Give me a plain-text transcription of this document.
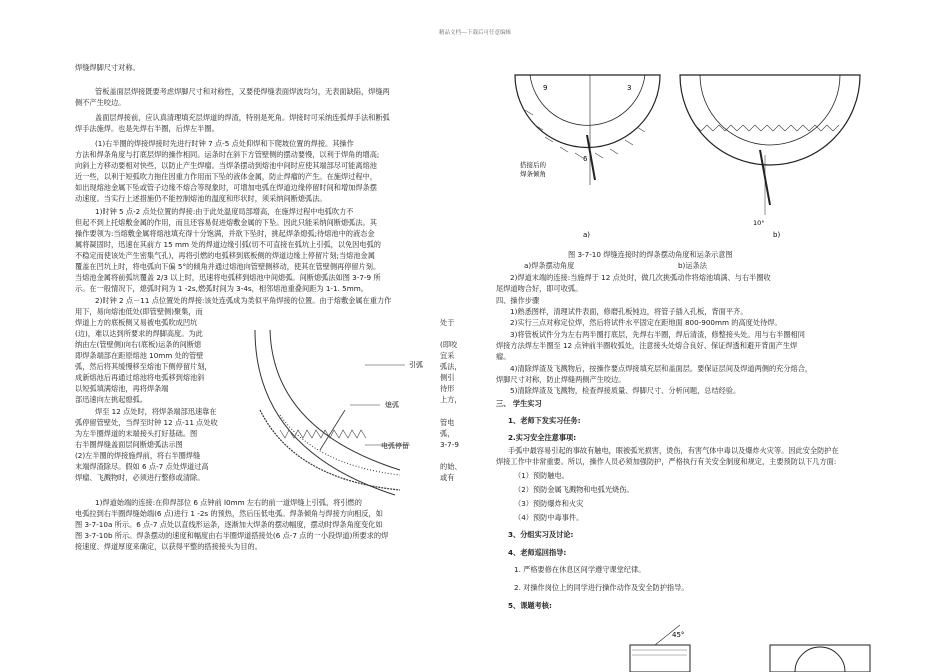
精品文档---下载后可任意编辑
焊缝焊脚尺寸对称。
管板盖面层焊接既要考虑焊脚尺寸和对称性，又要使焊缝表面焊波均匀，无表面缺陷，焊缝两
侧不产生咬边。
盖面层焊接前，应认真清理填充层焊道的焊渣，特别是死角。焊接时可采纳连弧焊手法和断弧
焊手法施焊。也是先焊右半圈，后焊左半圈。
(1)右半圈的焊接焊接时先进行时钟 7 点-5 点处仰焊和下爬坡位置的焊接。其操作
方法和焊条角度与打底层焊的操作相同。运条时在斜下方管壁侧的摆动要慢，以利于焊角的增高;
向斜上方移动要相对快些，以防止产生焊瘤。当焊条摆动到熔池中间时应使其端部尽可能离熔池
近一些，以利于短弧吹力拖住因重力作用而下坠的液体金属，防止焊瘤的产生。在施焊过程中，
如出现熔池金属下坠或管子边缘不熔合等现象时，可增加电弧在焊道边缘停留时间和增加焊条摆
动速度。当实行上述措施仍不能控制熔池的温度和形状时，须采纳间断熄弧法。
1)时钟 5 点-2 点处位置的焊接:由于此处温度局部增高，在施焊过程中电弧吹力不
但起不到上托熔敷金属的作用，而且还容易促进熔敷金属的下坠。因此只能采纳间断熄弧法。其
操作要领为:当熔敷金属将熔池填充得十分饱满，并欲下坠时，挑起焊条熄弧;待熔池中的液态金
属将凝固时，迅速在其前方 15 mm 处的焊道边缘引弧(切不可直接在弧坑上引弧，以免因电弧的
不稳定而使该处产生密集气孔)，再将引燃的电弧移到底板侧的焊道边缘上停留片刻;当熔池金属
覆盖在凹坑上时，将电弧向下偏 5°的倾角并通过熔池向管壁侧移动，使其在管壁侧再停留片刻。
当熔池金属将前弧坑覆盖 2/3 以上时，迅速将电弧移到熔池中间熄弧。间断熄弧法如图 3-7-9 所
示。在一般情况下，熄弧时间为 1 -2s,燃弧时间为 3-4s，相邻熔池重叠间距为 1-1. 5mm。
2)时钟 2 点－11 点位置处的焊接:该处连弧成为类似平角焊接的位置。由于熔敷金属在重力作
用下，易向熔池低处(即管壁侧)聚集，而
焊道上方的底板侧又易被电弧吹成凹坑
(边)，难以达到所要求的焊脚高度。为此
纳由左(管壁侧)向右(底板)运条的间断熄
即焊条端部在距原熔池 10mm 处的管壁
弧，然后将其缓慢移至熔池下侧停留片刻，
成新熔池后再通过熔池将电弧移到熔池斜
以短弧填满熔池，再将焊条端
部迅速向左挑起熄弧。
焊至 12 点处时，将焊条端部迅速靠在
弧停留管壁处，当焊至时钟 12 点-11 点处收
为左半圈焊道的末端接头打好基础。图
右半圈焊缝盖面层间断熄弧法示图
(2)左半圈的焊接施焊前，将右半圈焊缝
末端焊渣除尽。假如 6 点-7 点处焊道过高
焊瘤、飞溅物时，必须进行整修或清除。
1)焊道始端的连接:在仰焊部位 6 点钟前 l0mm 左右的前一道焊缝上引弧，将引燃的
电弧拉到右半圈焊缝始端(6 点)进行 1 -2s 的预热，然后压低电弧。焊条倾角与焊接方向相反，如
图 3-7-10a 所示。6 点-7 点处以直线形运条，逐渐加大焊条的摆动幅度，摆动时焊条角度变化如
图 3-7-10b 所示。焊条摆动的速度和幅度由右半圈焊道搭接处(6 点-7 点的一小段焊道)所要求的焊
接速度、焊道厚度来确定，以获得平整的搭接接头为目的。
处于
(即咬
宜采
弧法，
侧引
待形
上方，
管电
弧，
3-7-9
的始、
或有
引弧
熄弧
电弧停留
9
6
3
搭接后的
焊条倾角
a)
10°
b)
图 3-7-10 焊缝连接时的焊条摆动角度和运条示意图
a)焊条摆动角度	b)运条法
2)焊道末端的连接:当施焊于 12 点处时，做几次挑弧动作将熔池填满、与右半圈收
尾焊道吻合好，即可收弧。
四、操作步骤
1)熟悉图样，清理试件表面，修磨孔板钝边，将管子插入孔板，背面平齐。
2)实行三点对称定位焊，然后将试件水平固定在距地面 800-900mm 的高度处待焊。
3)将管板试件分为左右两半圈打底层，先焊右半圈，焊后清渣，修整接头处。用与右半圈相同
焊接方法焊左半圈至 12 点钟前半圈收弧处，注意接头处熔合良好、保证焊透和避开背面产生焊
瘤。
4)清除焊渣及飞溅物后，按操作要点焊接填充层和盖面层。要保证层间及焊道两侧的充分熔合，
焊脚尺寸对称，防止焊缝两侧产生咬边。
5)清除焊渣及飞溅物，检查焊接质量、焊脚尺寸、分析问题，总结经验。
三、 学生实习
1、老师下发实习任务:
2.实习安全注意事项:
手弧中最容易引起的事故有触电，眼被弧光损害，烫伤，有害气体中毒以及爆炸火灾等。因此安全防护在
焊接工作中非常重要。所以，操作人员必须加强防护，严格执行有关安全制度和规定，主要预防以下几方面:
（1）预防触电。
（2）预防金属飞溅物和电弧光烧伤。
（3）预防爆炸和火灾
（4）预防中毒事件。
3、分组实习及讨论:
4、老师巡回指导:
1. 严格要修在休息区间学遵守课堂纪律。
2. 对操作岗位上的同学进行操作动作及安全防护指导。
5、课题考核:
45°
